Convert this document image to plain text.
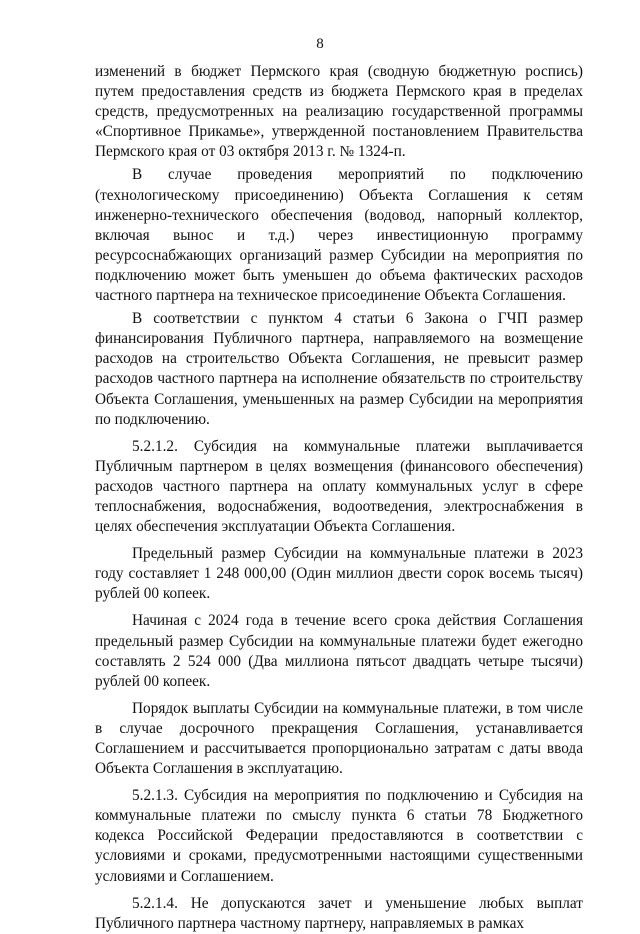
8

изменений в бюджет Пермского края (сводную бюджетную роспись) путем предоставления средств из бюджета Пермского края в пределах средств, предусмотренных на реализацию государственной программы «Спортивное Прикамье», утвержденной постановлением Правительства Пермского края от 03 октября 2013 г. № 1324-п.

В случае проведения мероприятий по подключению (технологическому присоединению) Объекта Соглашения к сетям инженерно-технического обеспечения (водовод, напорный коллектор, включая вынос и т.д.) через инвестиционную программу ресурсоснабжающих организаций размер Субсидии на мероприятия по подключению может быть уменьшен до объема фактических расходов частного партнера на техническое присоединение Объекта Соглашения.

В соответствии с пунктом 4 статьи 6 Закона о ГЧП размер финансирования Публичного партнера, направляемого на возмещение расходов на строительство Объекта Соглашения, не превысит размер расходов частного партнера на исполнение обязательств по строительству Объекта Соглашения, уменьшенных на размер Субсидии на мероприятия по подключению.

5.2.1.2. Субсидия на коммунальные платежи выплачивается Публичным партнером в целях возмещения (финансового обеспечения) расходов частного партнера на оплату коммунальных услуг в сфере теплоснабжения, водоснабжения, водоотведения, электроснабжения в целях обеспечения эксплуатации Объекта Соглашения.

Предельный размер Субсидии на коммунальные платежи в 2023 году составляет 1 248 000,00 (Один миллион двести сорок восемь тысяч) рублей 00 копеек.

Начиная с 2024 года в течение всего срока действия Соглашения предельный размер Субсидии на коммунальные платежи будет ежегодно составлять 2 524 000 (Два миллиона пятьсот двадцать четыре тысячи) рублей 00 копеек.

Порядок выплаты Субсидии на коммунальные платежи, в том числе в случае досрочного прекращения Соглашения, устанавливается Соглашением и рассчитывается пропорционально затратам с даты ввода Объекта Соглашения в эксплуатацию.

5.2.1.3. Субсидия на мероприятия по подключению и Субсидия на коммунальные платежи по смыслу пункта 6 статьи 78 Бюджетного кодекса Российской Федерации предоставляются в соответствии с условиями и сроками, предусмотренными настоящими существенными условиями и Соглашением.

5.2.1.4. Не допускаются зачет и уменьшение любых выплат Публичного партнера частному партнеру, направляемых в рамках
